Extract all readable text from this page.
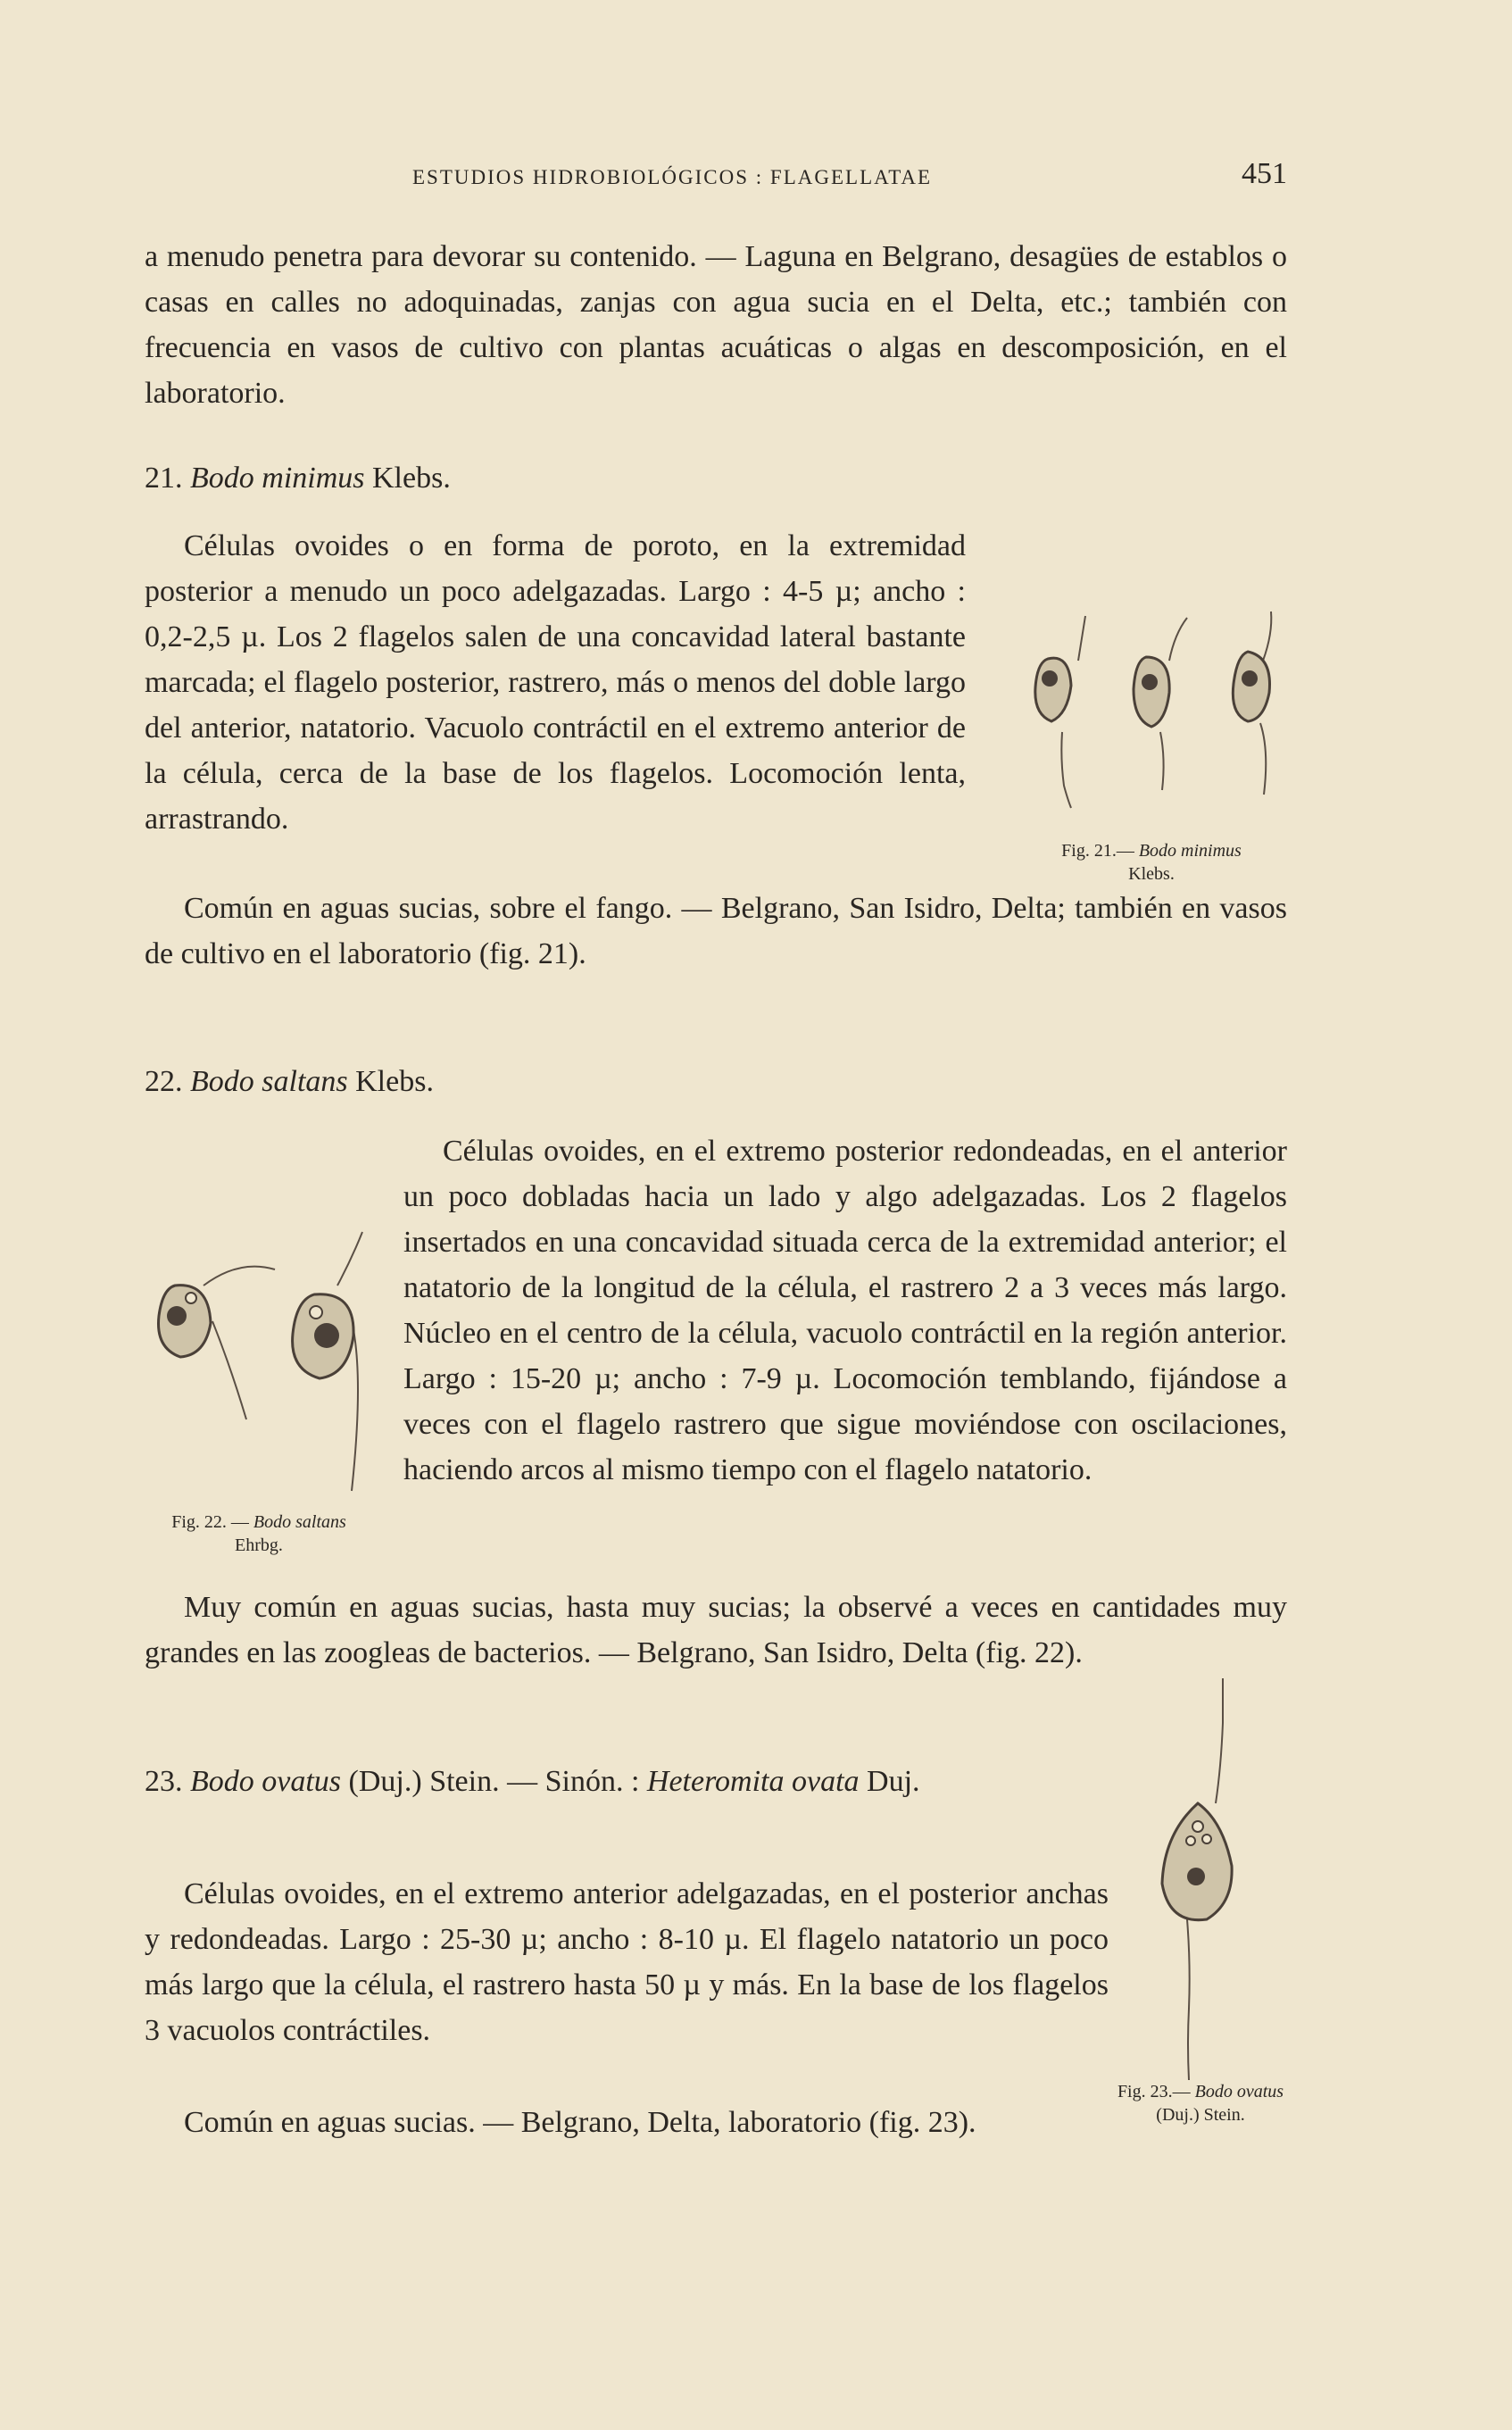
ESTUDIOS HIDROBIOLÓGICOS : FLAGELLATAE	451

a menudo penetra para devorar su contenido. — Laguna en Belgrano, desagües de establos o casas en calles no adoquinadas, zanjas con agua sucia en el Delta, etc.; también con frecuencia en vasos de cultivo con plantas acuáticas o algas en descomposición, en el laboratorio.

21. Bodo minimus Klebs.

Células ovoides o en forma de poroto, en la extremidad posterior a menudo un poco adelgazadas. Largo : 4-5 µ; ancho : 0,2-2,5 µ. Los 2 flagelos salen de una concavidad lateral bastante marcada; el flagelo posterior, rastrero, más o menos del doble largo del anterior, natatorio. Vacuolo contráctil en el extremo anterior de la célula, cerca de la base de los flagelos. Locomoción lenta, arrastrando.

Común en aguas sucias, sobre el fango. — Belgrano, San Isidro, Delta; también en vasos de cultivo en el laboratorio (fig. 21).

Fig. 21.— Bodo minimus
Klebs.
22. Bodo saltans Klebs.

Células ovoides, en el extremo posterior redondeadas, en el anterior un poco dobladas hacia un lado y algo adelgazadas. Los 2 flagelos insertados en una concavidad situada cerca de la extremidad anterior; el natatorio de la longitud de la célula, el rastrero 2 a 3 veces más largo. Núcleo en el centro de la célula, vacuolo contráctil en la región anterior. Largo : 15-20 µ; ancho : 7-9 µ. Locomoción temblando, fijándose a veces con el flagelo rastrero que sigue moviéndose con oscilaciones, haciendo arcos al mismo tiempo con el flagelo natatorio.

Muy común en aguas sucias, hasta muy sucias; la observé a veces en cantidades muy grandes en las zoogleas de bacterios. — Belgrano, San Isidro, Delta (fig. 22).

Fig. 22. — Bodo saltans Ehrbg.
23. Bodo ovatus (Duj.) Stein. — Sinón. : Heteromita ovata Duj.

Células ovoides, en el extremo anterior adelgazadas, en el posterior anchas y redondeadas. Largo : 25-30 µ; ancho : 8-10 µ. El flagelo natatorio un poco más largo que la célula, el rastrero hasta 50 µ y más. En la base de los flagelos 3 vacuolos contráctiles.

Común en aguas sucias. — Belgrano, Delta, laboratorio (fig. 23).

Fig. 23.— Bodo ovatus
(Duj.) Stein.
